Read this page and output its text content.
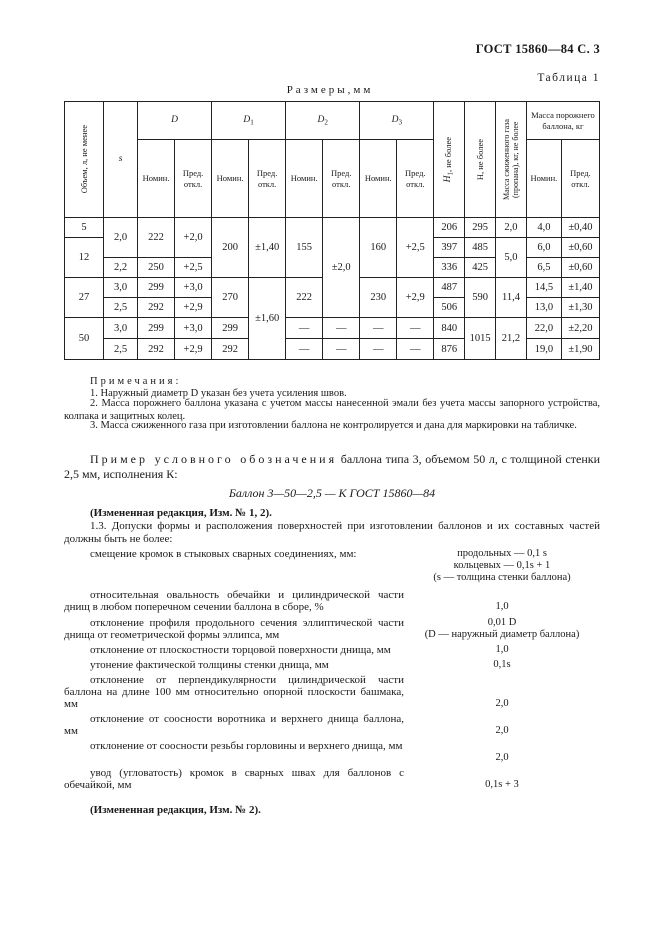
ГОСТ 15860—84 С. 3
Таблица 1
Размеры,мм
Объем, л, не менее	s	D		$D_1$		$D_2$		$D_3$		$H_1$, не более	H, не более	Масса сжиженного газа (пропана), кг, не более	Масса порожнего баллона, кг	
		Номин.	Пред. откл.	Номин.	Пред. откл.	Номин.	Пред. откл.	Номин.	Пред. откл.				Номин.	Пред. откл.
5	2,0	222	+2,0	200	±1,40	155	±2,0	160	+2,5	206	295	2,0	4,0	±0,40
12										397	485	5,0	6,0	±0,60
	2,2	250	+2,5							336	425		6,5	±0,60
27	3,0	299	+3,0	270	±1,60	222		230	+2,9	487	590	11,4	14,5	±1,40
	2,5	292	+2,9							506			13,0	±1,30
50	3,0	299	+3,0	299		—	—	—	—	840	1015	21,2	22,0	±2,20
	2,5	292	+2,9	292		—	—	—	—	876			19,0	±1,90
Примечания:
1. Наружный диаметр D указан без учета усиления швов.
2. Масса порожнего баллона указана с учетом массы нанесенной эмали без учета массы запорного устройства, колпака и защитных колец.
3. Масса сжиженного газа при изготовлении баллона не контролируется и дана для маркировки на табличке.
Пример условного обозначения баллона типа 3, объемом 50 л, с толщиной стенки 2,5 мм, исполнения К:
Баллон 3—50—2,5 — К ГОСТ 15860—84
(Измененная редакция, Изм. № 1, 2).
1.3. Допуски формы и расположения поверхностей при изготовлении баллонов и их составных частей должны быть не более:
смещение кромок в стыковых сварных соединениях, мм:	продольных — 0,1 s
кольцевых — 0,1s + 1
(s — толщина стенки баллона)
относительная овальность обечайки и цилиндрической части днищ в любом поперечном сечении баллона в сборе, %	1,0
отклонение профиля продольного сечения эллиптической части днища от геометрической формы эллипса, мм
0,01 D
(D — наружный диаметр баллона)
отклонение от плоскостности торцовой поверхности днища, мм	1,0
утонение фактической толщины стенки днища, мм	0,1s
отклонение от перпендикулярности цилиндрической части баллона на длине 100 мм относительно опорной плоскости башмака, мм	2,0
отклонение от соосности воротника и верхнего днища баллона, мм	2,0
отклонение от соосности резьбы горловины и верхнего днища, мм
2,0
увод (угловатость) кромок в сварных швах для баллонов с обечайкой, мм	0,1s + 3
(Измененная редакция, Изм. № 2).
